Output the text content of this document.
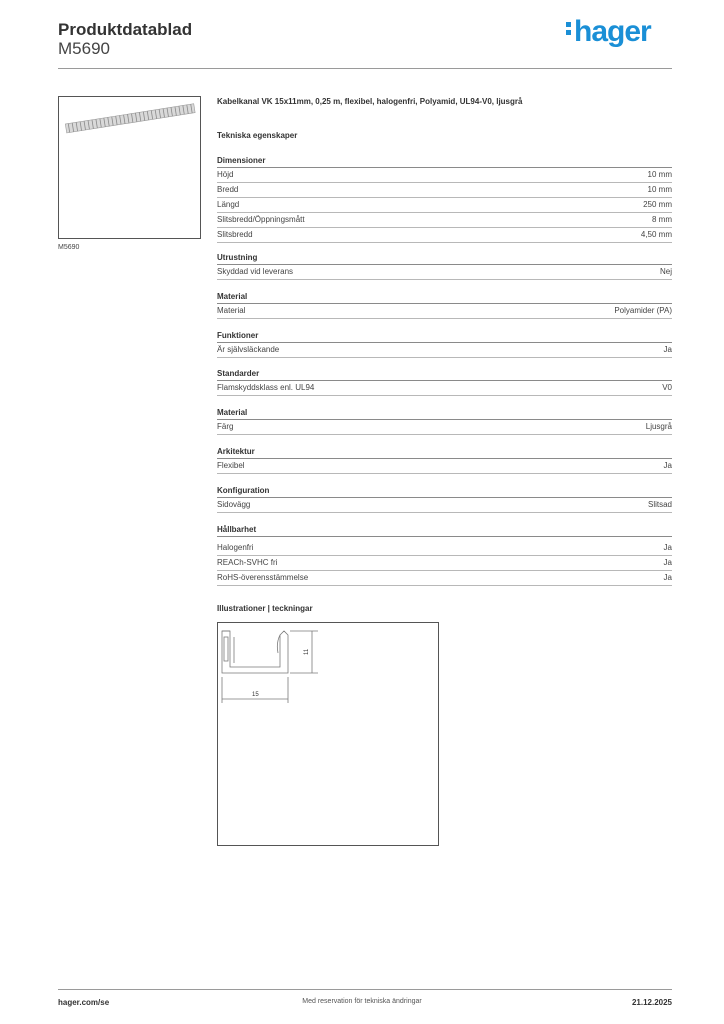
Produktdatablad
M5690
hager
M5690
Kabelkanal VK 15x11mm, 0,25 m, flexibel, halogenfri, Polyamid, UL94-V0, ljusgrå
Tekniska egenskaper
Dimensioner
Höjd	10 mm
Bredd	10 mm
Längd	250 mm
Slitsbredd/Öppningsmått	8 mm
Slitsbredd	4,50 mm
Utrustning
Skyddad vid leverans	Nej
Material
Material	Polyamider (PA)
Funktioner
Är självsläckande	Ja
Standarder
Flamskyddsklass enl. UL94	V0
Material
Färg	Ljusgrå
Arkitektur
Flexibel	Ja
Konfiguration
Sidovägg	Slitsad
Hållbarhet
Halogenfri	Ja
REACh-SVHC fri	Ja
RoHS-överensstämmelse	Ja
Illustrationer | teckningar
11
15
hager.com/se	Med reservation för tekniska ändringar	21.12.2025
